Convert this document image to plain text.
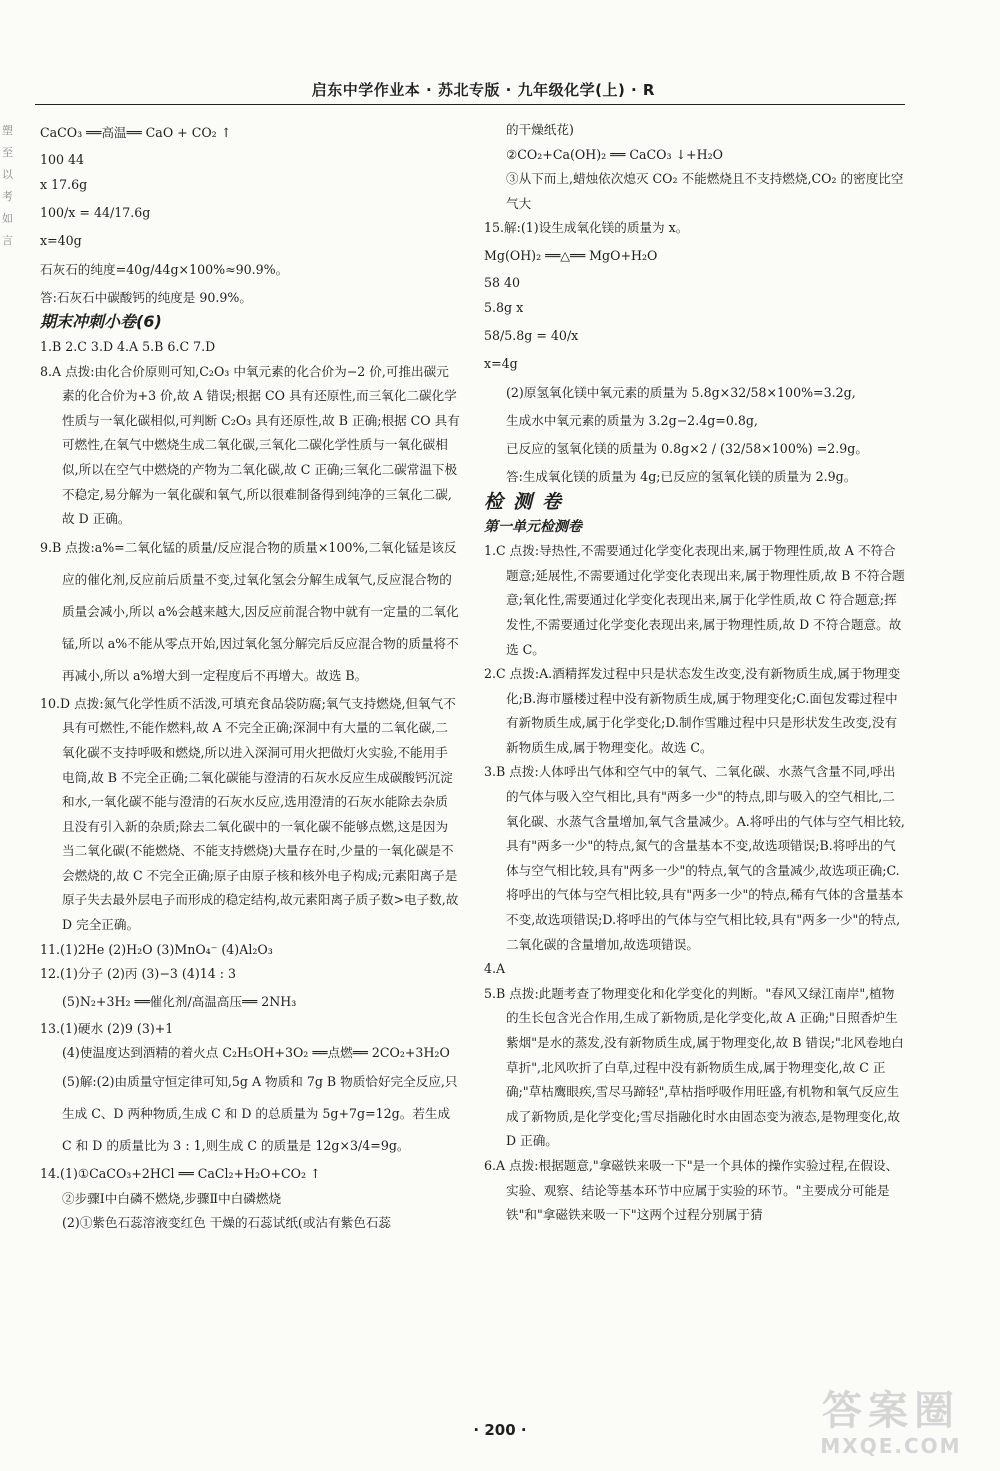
启东中学作业本 · 苏北专版 · 九年级化学(上) · R
塑
至
以
考
如
言

CaCO₃ ══高温══ CaO + CO₂ ↑

100 44

x 17.6g

100/x = 44/17.6g

x=40g

石灰石的纯度=40g/44g×100%≈90.9%。

答:石灰石中碳酸钙的纯度是 90.9%。

期末冲刺小卷(6)

1.B 2.C 3.D 4.A 5.B 6.C 7.D

8.A 点拨:由化合价原则可知,C₂O₃ 中氧元素的化合价为−2 价,可推出碳元素的化合价为+3 价,故 A 错误;根据 CO 具有还原性,而三氧化二碳化学性质与一氧化碳相似,可判断 C₂O₃ 具有还原性,故 B 正确;根据 CO 具有可燃性,在氧气中燃烧生成二氧化碳,三氧化二碳化学性质与一氧化碳相似,所以在空气中燃烧的产物为二氧化碳,故 C 正确;三氧化二碳常温下极不稳定,易分解为一氧化碳和氧气,所以很难制备得到纯净的三氧化二碳,故 D 正确。

9.B 点拨:a%=二氧化锰的质量/反应混合物的质量×100%,二氧化锰是该反应的催化剂,反应前后质量不变,过氧化氢会分解生成氧气,反应混合物的质量会减小,所以 a%会越来越大,因反应前混合物中就有一定量的二氧化锰,所以 a%不能从零点开始,因过氧化氢分解完后反应混合物的质量将不再减小,所以 a%增大到一定程度后不再增大。故选 B。

10.D 点拨:氮气化学性质不活泼,可填充食品袋防腐;氧气支持燃烧,但氧气不具有可燃性,不能作燃料,故 A 不完全正确;深洞中有大量的二氧化碳,二氧化碳不支持呼吸和燃烧,所以进入深洞可用火把做灯火实验,不能用手电筒,故 B 不完全正确;二氧化碳能与澄清的石灰水反应生成碳酸钙沉淀和水,一氧化碳不能与澄清的石灰水反应,选用澄清的石灰水能除去杂质且没有引入新的杂质;除去二氧化碳中的一氧化碳不能够点燃,这是因为当二氧化碳(不能燃烧、不能支持燃烧)大量存在时,少量的一氧化碳是不会燃烧的,故 C 不完全正确;原子由原子核和核外电子构成;元素阳离子是原子失去最外层电子而形成的稳定结构,故元素阳离子质子数>电子数,故 D 完全正确。

11.(1)2He (2)H₂O (3)MnO₄⁻ (4)Al₂O₃

12.(1)分子 (2)丙 (3)−3 (4)14 : 3

(5)N₂+3H₂ ══催化剂/高温高压══ 2NH₃

13.(1)硬水 (2)9 (3)+1

(4)使温度达到酒精的着火点 C₂H₅OH+3O₂ ══点燃══ 2CO₂+3H₂O

(5)解:(2)由质量守恒定律可知,5g A 物质和 7g B 物质恰好完全反应,只生成 C、D 两种物质,生成 C 和 D 的总质量为 5g+7g=12g。若生成 C 和 D 的质量比为 3 : 1,则生成 C 的质量是 12g×3/4=9g。

14.(1)①CaCO₃+2HCl ══ CaCl₂+H₂O+CO₂ ↑

②步骤Ⅰ中白磷不燃烧,步骤Ⅱ中白磷燃烧

(2)①紫色石蕊溶液变红色 干燥的石蕊试纸(或沾有紫色石蕊

的干燥纸花)

②CO₂+Ca(OH)₂ ══ CaCO₃ ↓+H₂O

③从下而上,蜡烛依次熄灭 CO₂ 不能燃烧且不支持燃烧,CO₂ 的密度比空气大

15.解:(1)设生成氧化镁的质量为 x。

Mg(OH)₂ ══△══ MgO+H₂O

58 40

5.8g x

58/5.8g = 40/x

x=4g

(2)原氢氧化镁中氧元素的质量为 5.8g×32/58×100%=3.2g,

生成水中氧元素的质量为 3.2g−2.4g=0.8g,

已反应的氢氧化镁的质量为 0.8g×2 / (32/58×100%) =2.9g。

答:生成氧化镁的质量为 4g;已反应的氢氧化镁的质量为 2.9g。

检测卷

第一单元检测卷

1.C 点拨:导热性,不需要通过化学变化表现出来,属于物理性质,故 A 不符合题意;延展性,不需要通过化学变化表现出来,属于物理性质,故 B 不符合题意;氧化性,需要通过化学变化表现出来,属于化学性质,故 C 符合题意;挥发性,不需要通过化学变化表现出来,属于物理性质,故 D 不符合题意。故选 C。

2.C 点拨:A.酒精挥发过程中只是状态发生改变,没有新物质生成,属于物理变化;B.海市蜃楼过程中没有新物质生成,属于物理变化;C.面包发霉过程中有新物质生成,属于化学变化;D.制作雪雕过程中只是形状发生改变,没有新物质生成,属于物理变化。故选 C。

3.B 点拨:人体呼出气体和空气中的氧气、二氧化碳、水蒸气含量不同,呼出的气体与吸入空气相比,具有"两多一少"的特点,即与吸入的空气相比,二氧化碳、水蒸气含量增加,氧气含量减少。A.将呼出的气体与空气相比较,具有"两多一少"的特点,氮气的含量基本不变,故选项错误;B.将呼出的气体与空气相比较,具有"两多一少"的特点,氧气的含量减少,故选项正确;C.将呼出的气体与空气相比较,具有"两多一少"的特点,稀有气体的含量基本不变,故选项错误;D.将呼出的气体与空气相比较,具有"两多一少"的特点,二氧化碳的含量增加,故选项错误。

4.A

5.B 点拨:此题考查了物理变化和化学变化的判断。"春风又绿江南岸",植物的生长包含光合作用,生成了新物质,是化学变化,故 A 正确;"日照香炉生紫烟"是水的蒸发,没有新物质生成,属于物理变化,故 B 错误;"北风卷地白草折",北风吹折了白草,过程中没有新物质生成,属于物理变化,故 C 正确;"草枯鹰眼疾,雪尽马蹄轻",草枯指呼吸作用旺盛,有机物和氧气反应生成了新物质,是化学变化;雪尽指融化时水由固态变为液态,是物理变化,故 D 正确。

6.A 点拨:根据题意,"拿磁铁来吸一下"是一个具体的操作实验过程,在假设、实验、观察、结论等基本环节中应属于实验的环节。"主要成分可能是铁"和"拿磁铁来吸一下"这两个过程分别属于猜

· 200 ·	答案圈
MXQE.COM
